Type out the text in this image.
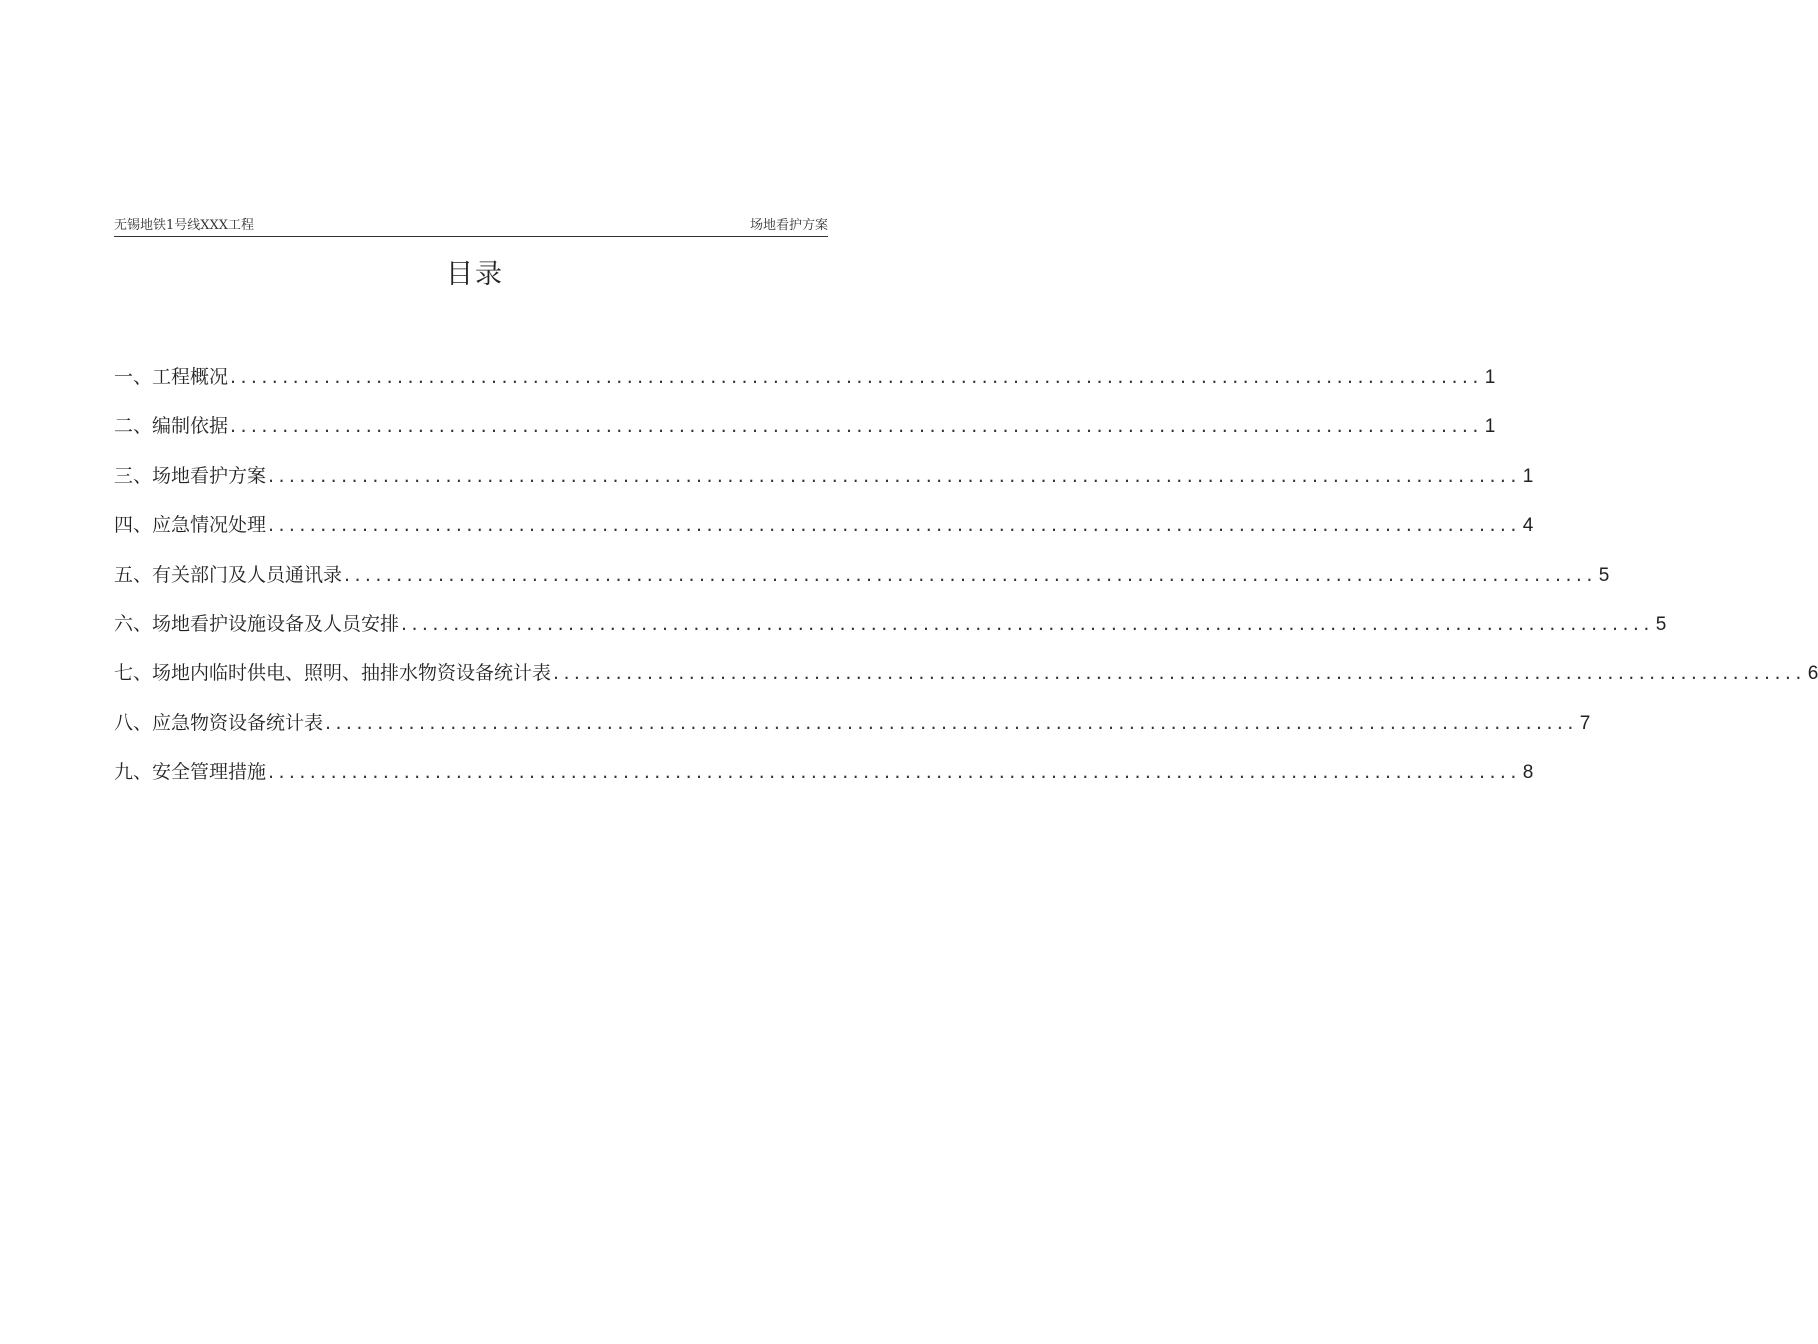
无锡地铁1号线XXX工程	场地看护方案
目录
一、工程概况 ........................................................................................................................ 1
二、编制依据 ........................................................................................................................ 1
三、场地看护方案 ........................................................................................................................ 1
四、应急情况处理 ........................................................................................................................ 4
五、有关部门及人员通讯录 ........................................................................................................................ 5
六、场地看护设施设备及人员安排 ........................................................................................................................ 5
七、场地内临时供电、照明、抽排水物资设备统计表 ........................................................................................................................ 6
八、应急物资设备统计表 ........................................................................................................................ 7
九、安全管理措施 ........................................................................................................................ 8
